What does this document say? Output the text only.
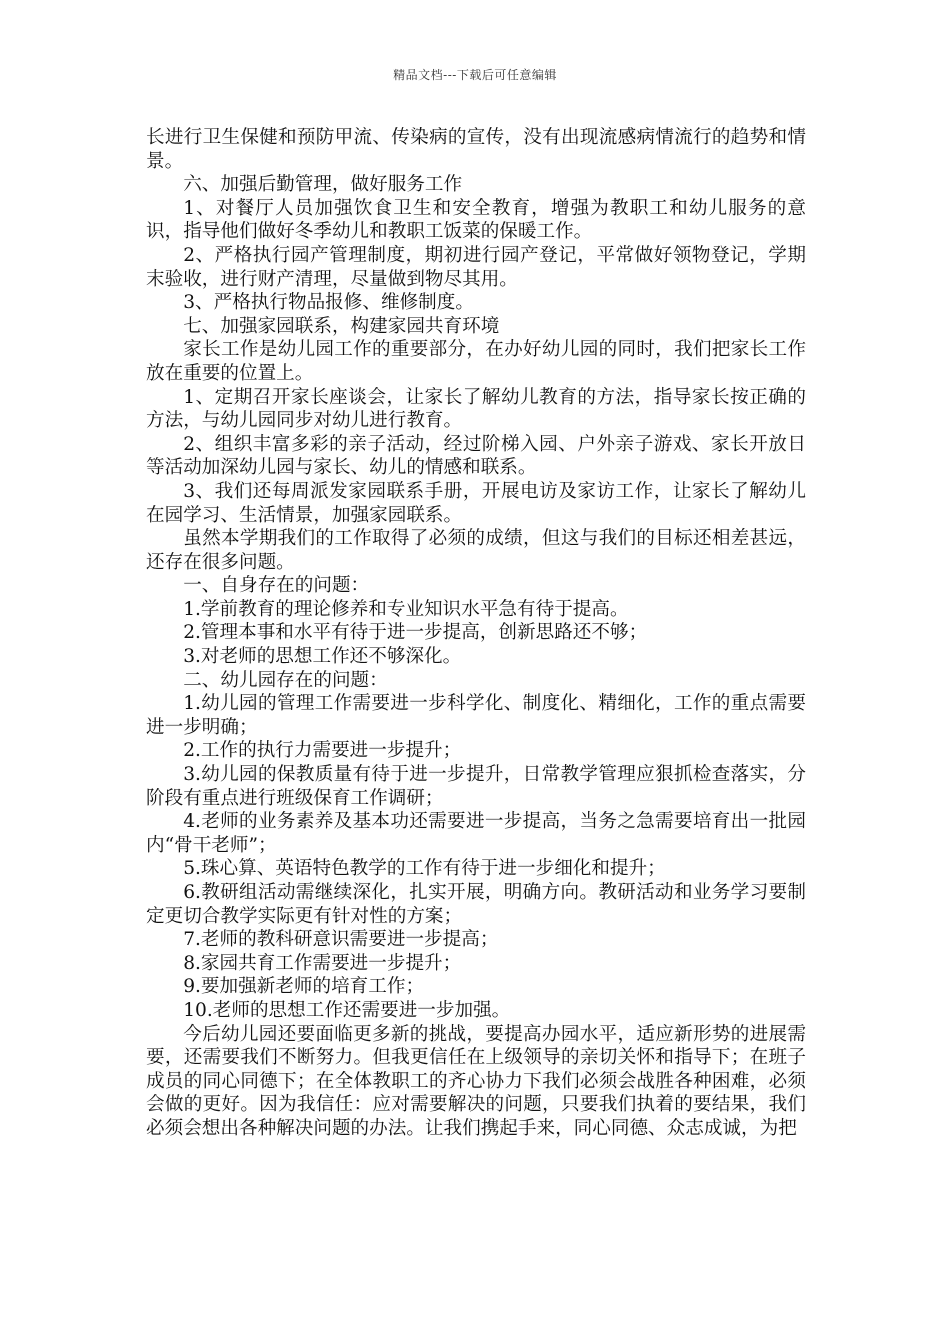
精品文档---下载后可任意编辑

长进行卫生保健和预防甲流、传染病的宣传，没有出现流感病情流行的趋势和情景。

六、加强后勤管理，做好服务工作

1、对餐厅人员加强饮食卫生和安全教育，增强为教职工和幼儿服务的意识，指导他们做好冬季幼儿和教职工饭菜的保暖工作。

2、严格执行园产管理制度，期初进行园产登记，平常做好领物登记，学期末验收，进行财产清理，尽量做到物尽其用。

3、严格执行物品报修、维修制度。

七、加强家园联系，构建家园共育环境

家长工作是幼儿园工作的重要部分，在办好幼儿园的同时，我们把家长工作放在重要的位置上。

1、定期召开家长座谈会，让家长了解幼儿教育的方法，指导家长按正确的方法，与幼儿园同步对幼儿进行教育。

2、组织丰富多彩的亲子活动，经过阶梯入园、户外亲子游戏、家长开放日等活动加深幼儿园与家长、幼儿的情感和联系。

3、我们还每周派发家园联系手册，开展电访及家访工作，让家长了解幼儿在园学习、生活情景，加强家园联系。

虽然本学期我们的工作取得了必须的成绩，但这与我们的目标还相差甚远，还存在很多问题。

一、自身存在的问题：

1.学前教育的理论修养和专业知识水平急有待于提高。

2.管理本事和水平有待于进一步提高，创新思路还不够；

3.对老师的思想工作还不够深化。

二、幼儿园存在的问题：

1.幼儿园的管理工作需要进一步科学化、制度化、精细化，工作的重点需要进一步明确；

2.工作的执行力需要进一步提升；

3.幼儿园的保教质量有待于进一步提升，日常教学管理应狠抓检查落实，分阶段有重点进行班级保育工作调研；

4.老师的业务素养及基本功还需要进一步提高，当务之急需要培育出一批园内“骨干老师”；

5.珠心算、英语特色教学的工作有待于进一步细化和提升；

6.教研组活动需继续深化，扎实开展，明确方向。教研活动和业务学习要制定更切合教学实际更有针对性的方案；

7.老师的教科研意识需要进一步提高；

8.家园共育工作需要进一步提升；

9.要加强新老师的培育工作；

10.老师的思想工作还需要进一步加强。

今后幼儿园还要面临更多新的挑战，要提高办园水平，适应新形势的进展需要，还需要我们不断努力。但我更信任在上级领导的亲切关怀和指导下；在班子成员的同心同德下；在全体教职工的齐心协力下我们必须会战胜各种困难，必须会做的更好。因为我信任：应对需要解决的问题，只要我们执着的要结果，我们必须会想出各种解决问题的办法。让我们携起手来，同心同德、众志成诚，为把
